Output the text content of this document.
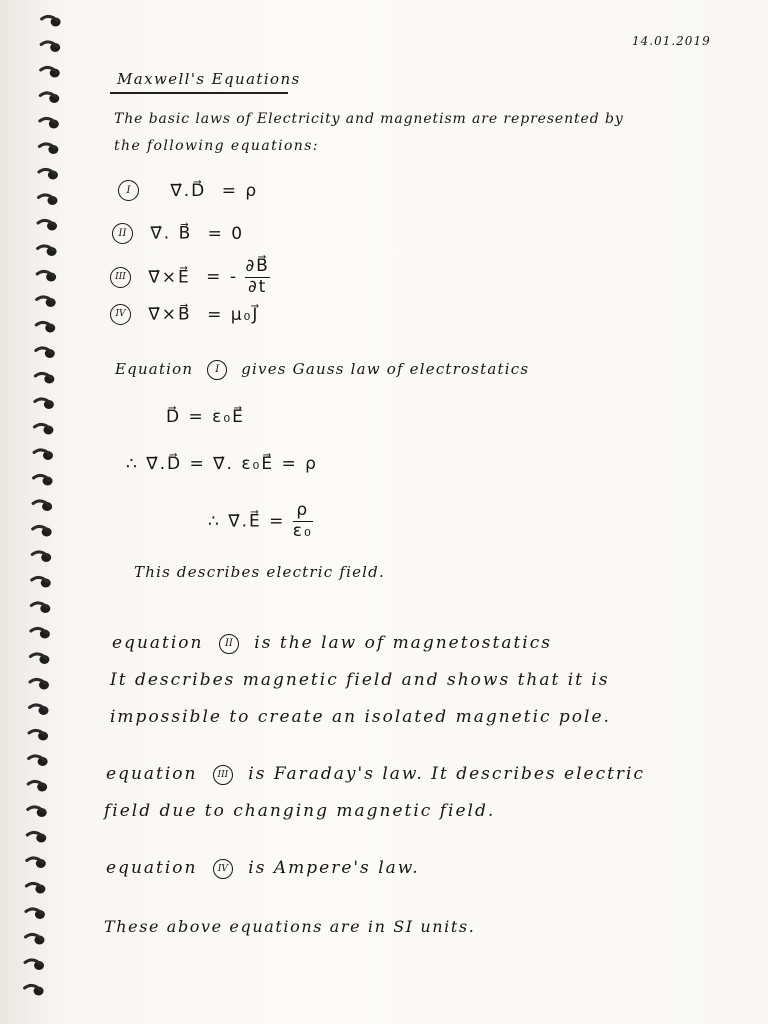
14.01.2019
Maxwell's Equations
The basic laws of Electricity and magnetism are represented by
the following equations:
I ∇⃗.D⃗ = ρ
II ∇⃗. B⃗ = 0
III ∇⃗×E⃗ = - $\frac{\partial B⃗}{\partial t}$
IV ∇⃗×B⃗ = μ₀J⃗
Equation I gives Gauss law of electrostatics
D⃗ = ε₀E⃗
∴ ∇⃗.D⃗ = ∇⃗. ε₀E⃗ = ρ
∴ ∇⃗.E⃗ = $\frac{\rho}{\text{ε₀}}$
This describes electric field.
equation II is the law of magnetostatics
It describes magnetic field and shows that it is
impossible to create an isolated magnetic pole.
equation III is Faraday's law. It describes electric
field due to changing magnetic field.
equation IV is Ampere's law.
These above equations are in SI units.
